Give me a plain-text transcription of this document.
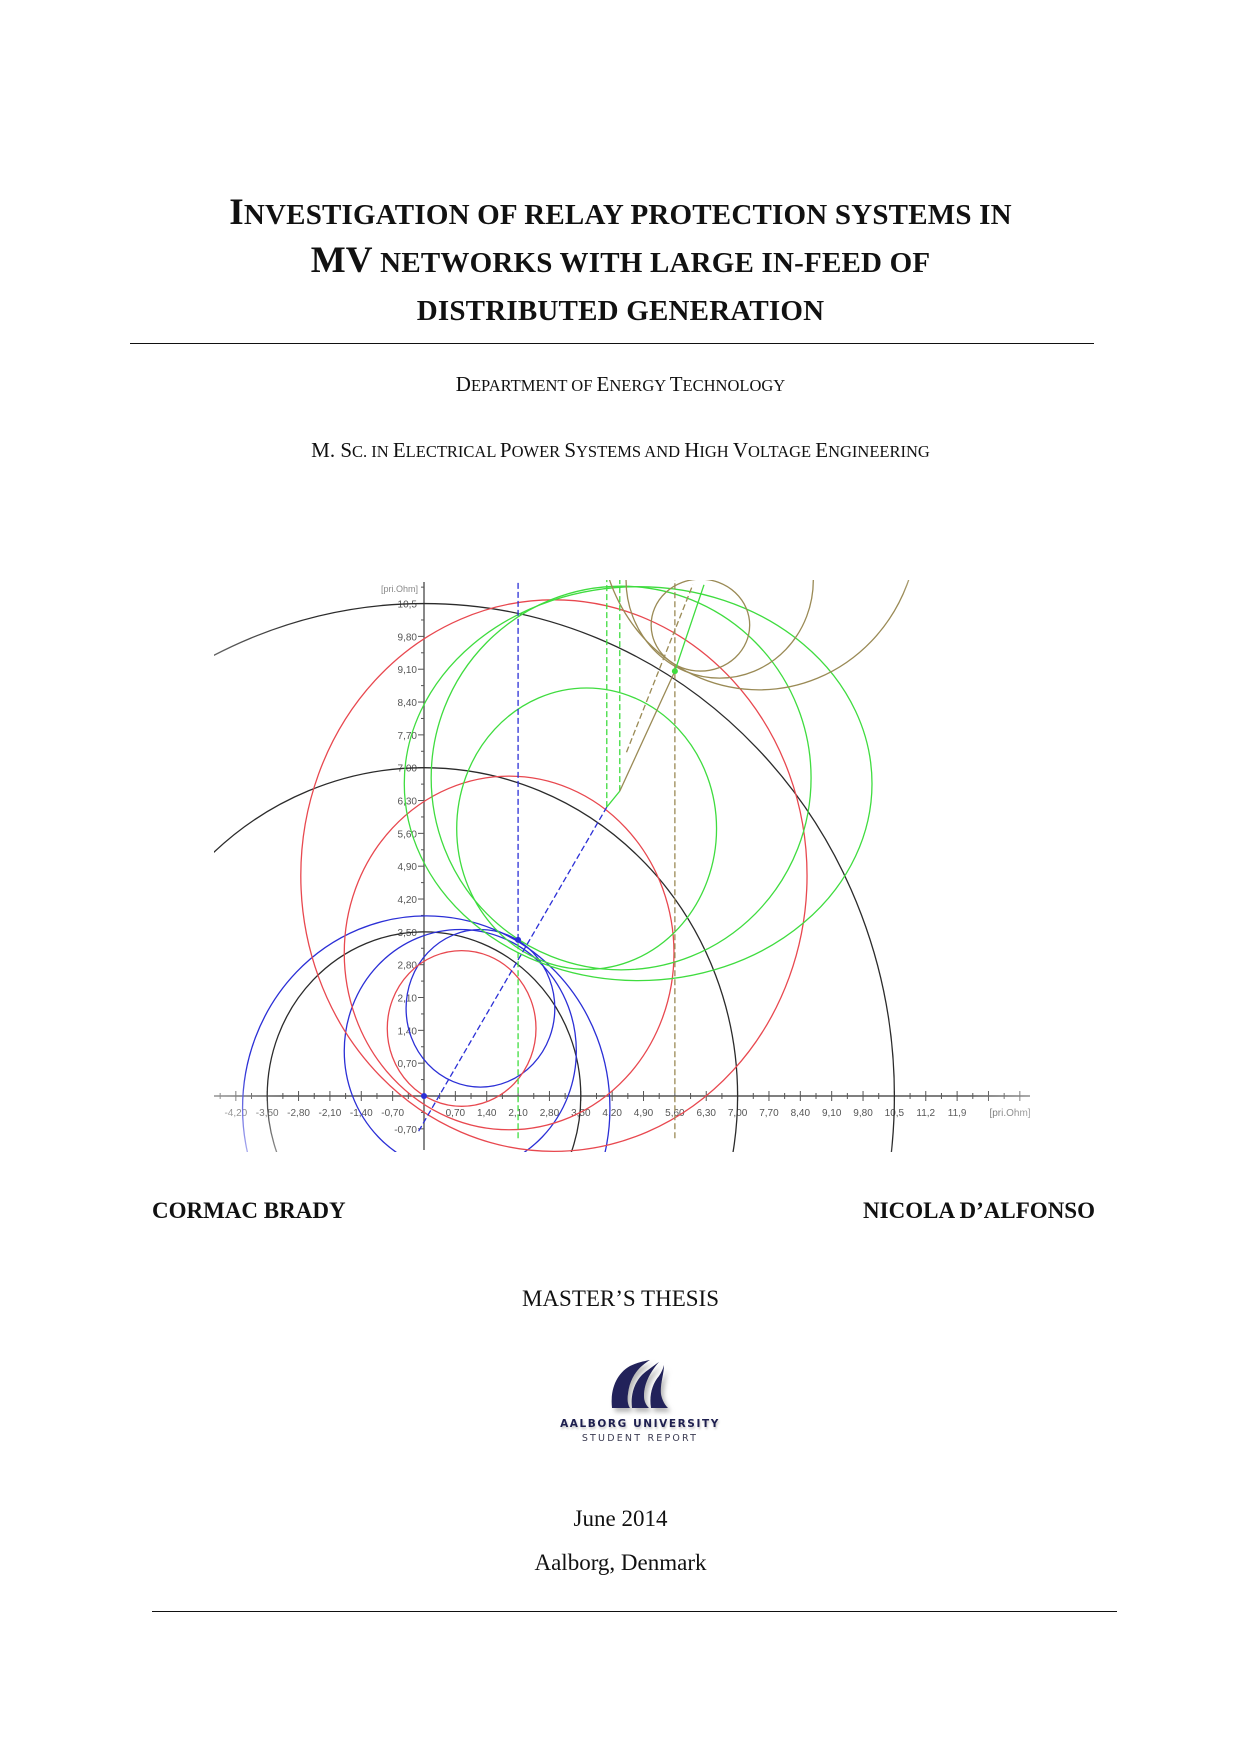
INVESTIGATION OF RELAY PROTECTION SYSTEMS IN
MV NETWORKS WITH LARGE IN-FEED OF
DISTRIBUTED GENERATION
DEPARTMENT OF ENERGY TECHNOLOGY
M. SC. IN ELECTRICAL POWER SYSTEMS AND HIGH VOLTAGE ENGINEERING
CORMAC BRADY	NICOLA D’ALFONSO
MASTER’S THESIS
AALBORG UNIVERSITY
STUDENT REPORT
June 2014
Aalborg, Denmark
